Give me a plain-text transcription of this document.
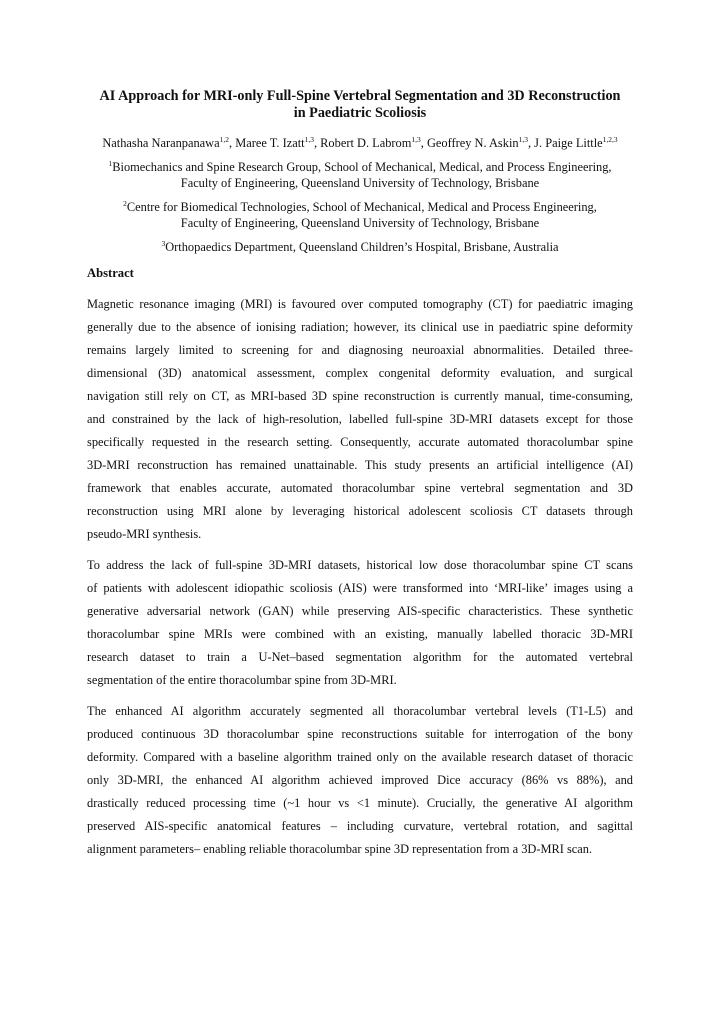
AI Approach for MRI-only Full-Spine Vertebral Segmentation and 3D Reconstruction
in Paediatric Scoliosis
Nathasha Naranpanawa$^{1,2}$, Maree T. Izatt$^{1,3}$, Robert D. Labrom$^{1,3}$, Geoffrey N. Askin$^{1,3}$, J. Paige Little$^{1,2,3}$
$^1$Biomechanics and Spine Research Group, School of Mechanical, Medical, and Process Engineering,
Faculty of Engineering, Queensland University of Technology, Brisbane
$^2$Centre for Biomedical Technologies, School of Mechanical, Medical and Process Engineering,
Faculty of Engineering, Queensland University of Technology, Brisbane
$^3$Orthopaedics Department, Queensland Children’s Hospital, Brisbane, Australia
Abstract
Magnetic resonance imaging (MRI) is favoured over computed tomography (CT) for paediatric imaging
generally due to the absence of ionising radiation; however, its clinical use in paediatric spine deformity
remains largely limited to screening for and diagnosing neuroaxial abnormalities. Detailed three-
dimensional (3D) anatomical assessment, complex congenital deformity evaluation, and surgical
navigation still rely on CT, as MRI-based 3D spine reconstruction is currently manual, time-consuming,
and constrained by the lack of high-resolution, labelled full-spine 3D-MRI datasets except for those
specifically requested in the research setting. Consequently, accurate automated thoracolumbar spine
3D-MRI reconstruction has remained unattainable. This study presents an artificial intelligence (AI)
framework that enables accurate, automated thoracolumbar spine vertebral segmentation and 3D
reconstruction using MRI alone by leveraging historical adolescent scoliosis CT datasets through
pseudo-MRI synthesis.
To address the lack of full-spine 3D-MRI datasets, historical low dose thoracolumbar spine CT scans
of patients with adolescent idiopathic scoliosis (AIS) were transformed into ‘MRI-like’ images using a
generative adversarial network (GAN) while preserving AIS-specific characteristics. These synthetic
thoracolumbar spine MRIs were combined with an existing, manually labelled thoracic 3D-MRI
research dataset to train a U-Net–based segmentation algorithm for the automated vertebral
segmentation of the entire thoracolumbar spine from 3D-MRI.
The enhanced AI algorithm accurately segmented all thoracolumbar vertebral levels (T1-L5) and
produced continuous 3D thoracolumbar spine reconstructions suitable for interrogation of the bony
deformity. Compared with a baseline algorithm trained only on the available research dataset of thoracic
only 3D-MRI, the enhanced AI algorithm achieved improved Dice accuracy (86% vs 88%), and
drastically reduced processing time (~1 hour vs <1 minute). Crucially, the generative AI algorithm
preserved AIS-specific anatomical features – including curvature, vertebral rotation, and sagittal
alignment parameters– enabling reliable thoracolumbar spine 3D representation from a 3D-MRI scan.
